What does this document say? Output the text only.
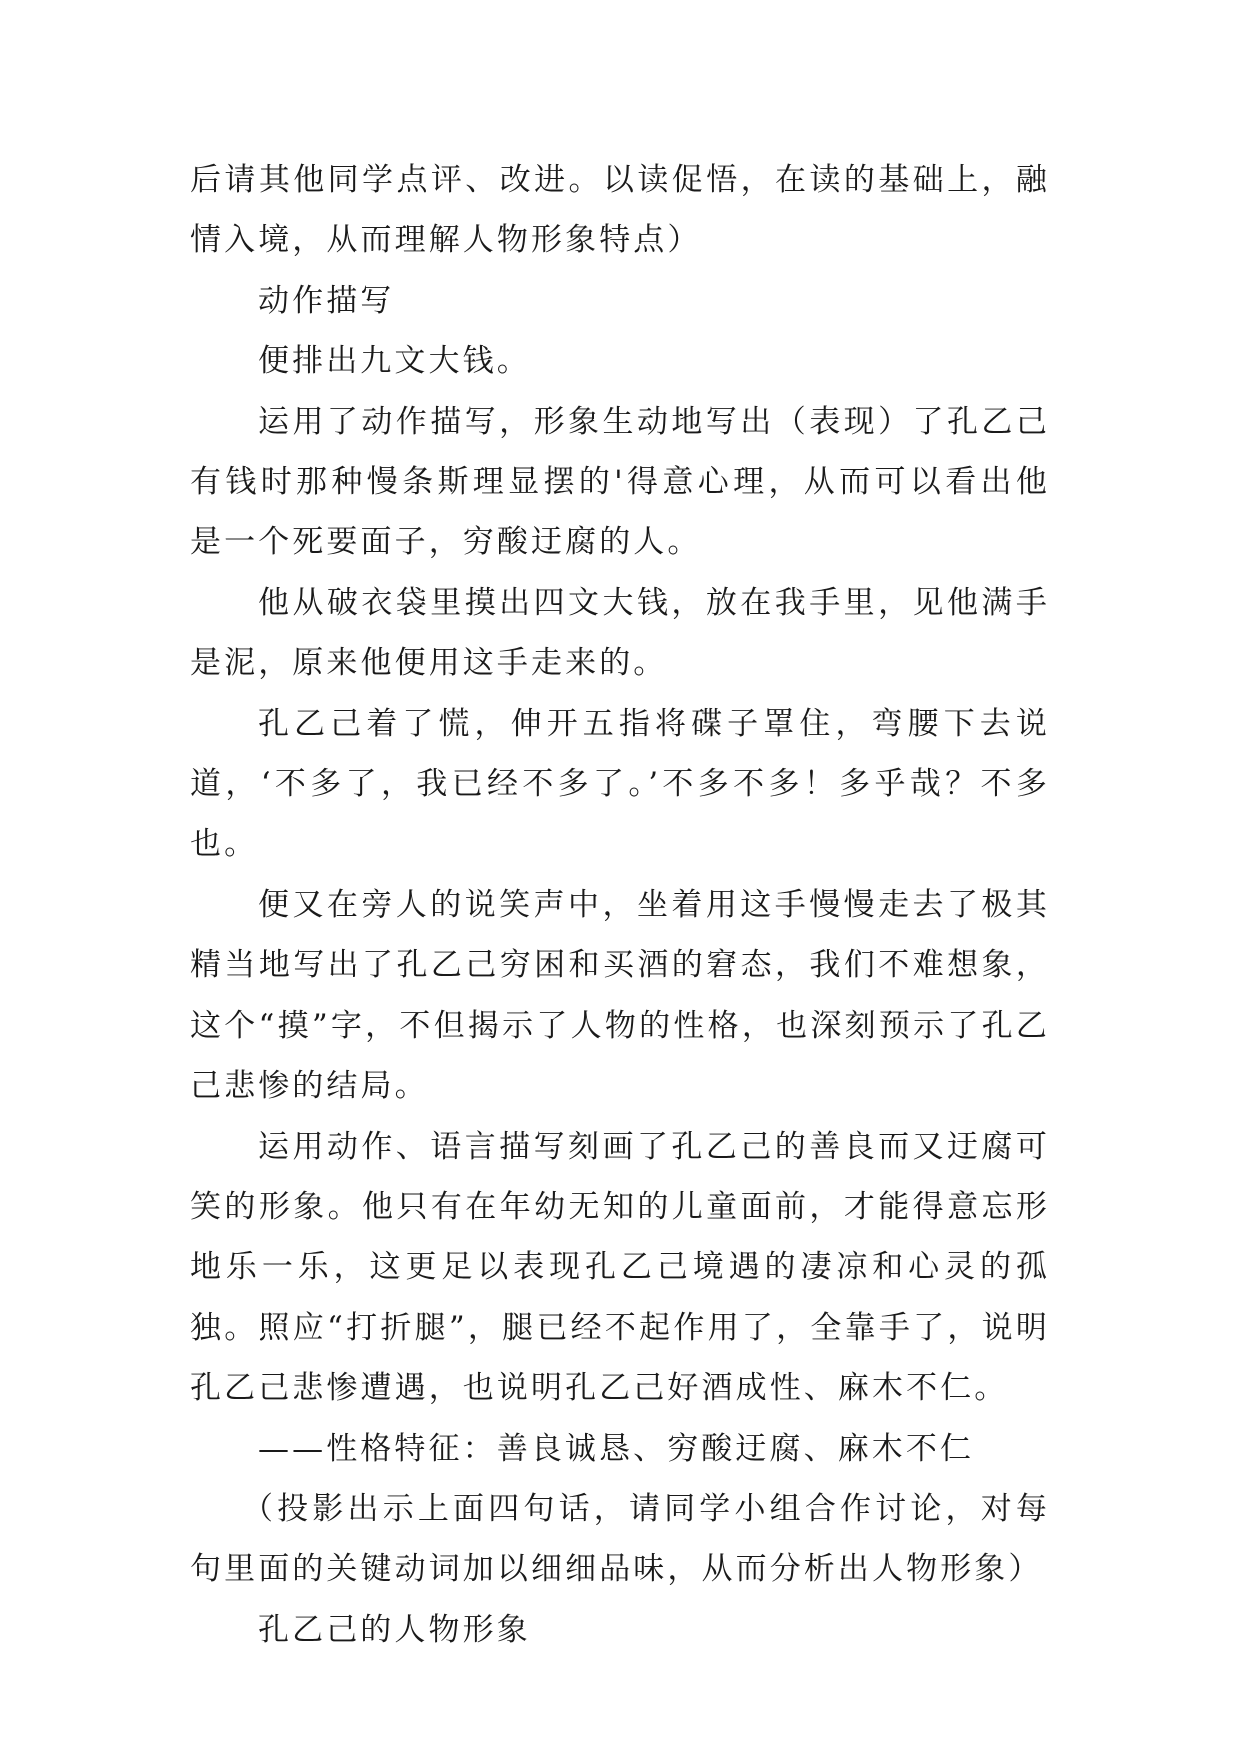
后请其他同学点评、改进。以读促悟，在读的基础上，融情入境，从而理解人物形象特点）

动作描写

便排出九文大钱。

运用了动作描写，形象生动地写出（表现）了孔乙己有钱时那种慢条斯理显摆的'得意心理，从而可以看出他是一个死要面子，穷酸迂腐的人。

他从破衣袋里摸出四文大钱，放在我手里，见他满手是泥，原来他便用这手走来的。

孔乙己着了慌，伸开五指将碟子罩住，弯腰下去说道，‘不多了，我已经不多了。’不多不多！多乎哉？不多也。

便又在旁人的说笑声中，坐着用这手慢慢走去了极其精当地写出了孔乙己穷困和买酒的窘态，我们不难想象，这个“摸”字，不但揭示了人物的性格，也深刻预示了孔乙己悲惨的结局。

运用动作、语言描写刻画了孔乙己的善良而又迂腐可笑的形象。他只有在年幼无知的儿童面前，才能得意忘形地乐一乐，这更足以表现孔乙己境遇的凄凉和心灵的孤独。照应“打折腿”，腿已经不起作用了，全靠手了，说明孔乙己悲惨遭遇，也说明孔乙己好酒成性、麻木不仁。

——性格特征：善良诚恳、穷酸迂腐、麻木不仁

（投影出示上面四句话，请同学小组合作讨论，对每句里面的关键动词加以细细品味，从而分析出人物形象）

孔乙己的人物形象
